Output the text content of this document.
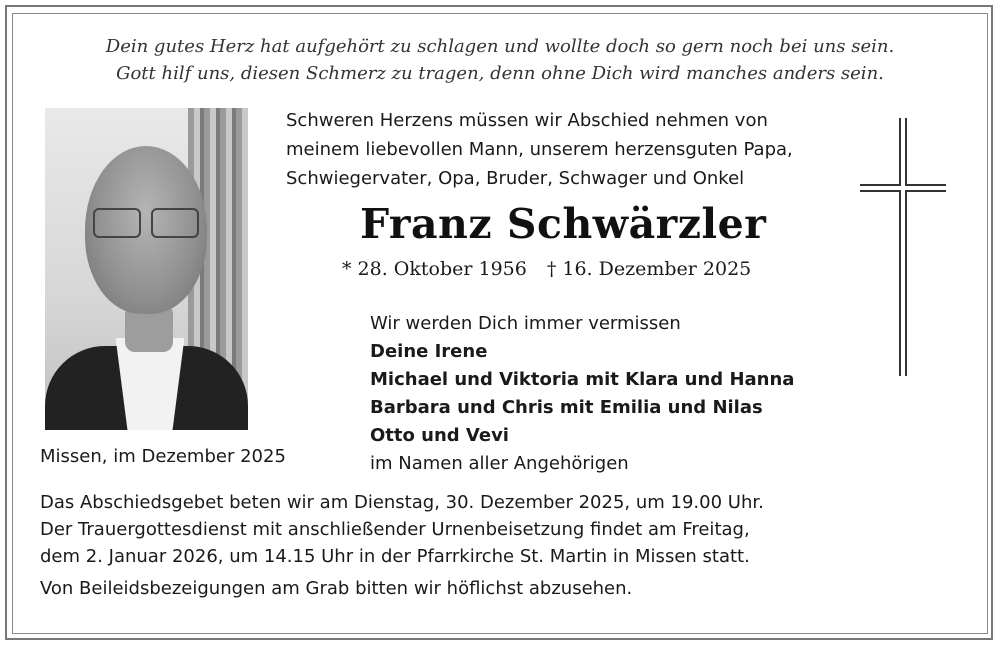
Dein gutes Herz hat aufgehört zu schlagen und wollte doch so gern noch bei uns sein.
Gott hilf uns, diesen Schmerz zu tragen, denn ohne Dich wird manches anders sein.
Schweren Herzens müssen wir Abschied nehmen von
meinem liebevollen Mann, unserem herzensguten Papa,
Schwiegervater, Opa, Bruder, Schwager und Onkel
Franz Schwärzler
* 28. Oktober 1956 † 16. Dezember 2025
Wir werden Dich immer vermissen
Deine Irene
Michael und Viktoria mit Klara und Hanna
Barbara und Chris mit Emilia und Nilas
Otto und Vevi
im Namen aller Angehörigen
Missen, im Dezember 2025
Das Abschiedsgebet beten wir am Dienstag, 30. Dezember 2025, um 19.00 Uhr.
Der Trauergottesdienst mit anschließender Urnenbeisetzung findet am Freitag,
dem 2. Januar 2026, um 14.15 Uhr in der Pfarrkirche St. Martin in Missen statt.
Von Beileidsbezeigungen am Grab bitten wir höflichst abzusehen.
